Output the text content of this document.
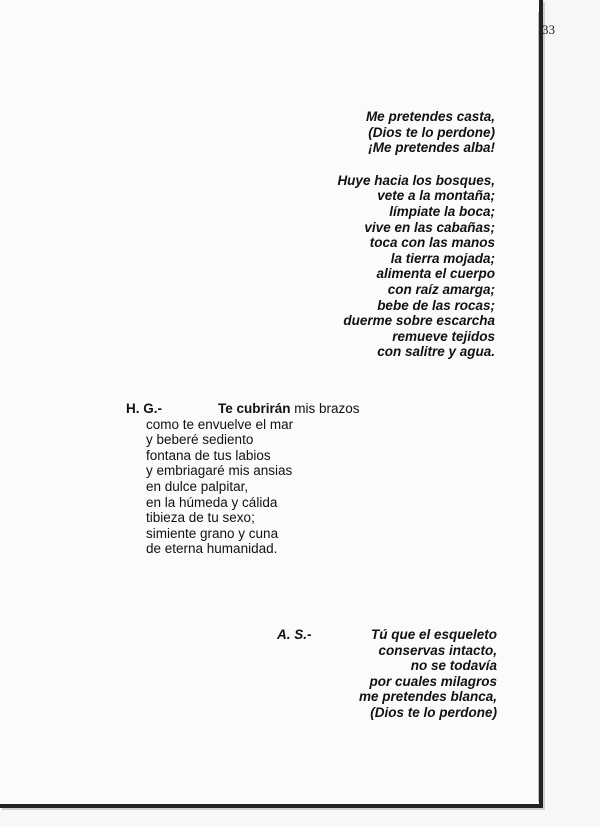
33
Me pretendes casta,
(Dios te lo perdone)
¡Me pretendes alba!
Huye hacia los bosques,
vete a la montaña;
límpiate la boca;
vive en las cabañas;
toca con las manos
la tierra mojada;
alimenta el cuerpo
con raíz amarga;
bebe de las rocas;
duerme sobre escarcha
remueve tejidos
con salitre y agua.
H. G.-	Te cubrirán mis brazos
como te envuelve el mar
y beberé sediento
fontana de tus labios
y embriagaré mis ansias
en dulce palpitar,
en la húmeda y cálida
tibieza de tu sexo;
simiente grano y cuna
de eterna humanidad.
A. S.-	Tú que el esqueleto
conservas intacto,
no se todavía
por cuales milagros
me pretendes blanca,
(Dios te lo perdone)
